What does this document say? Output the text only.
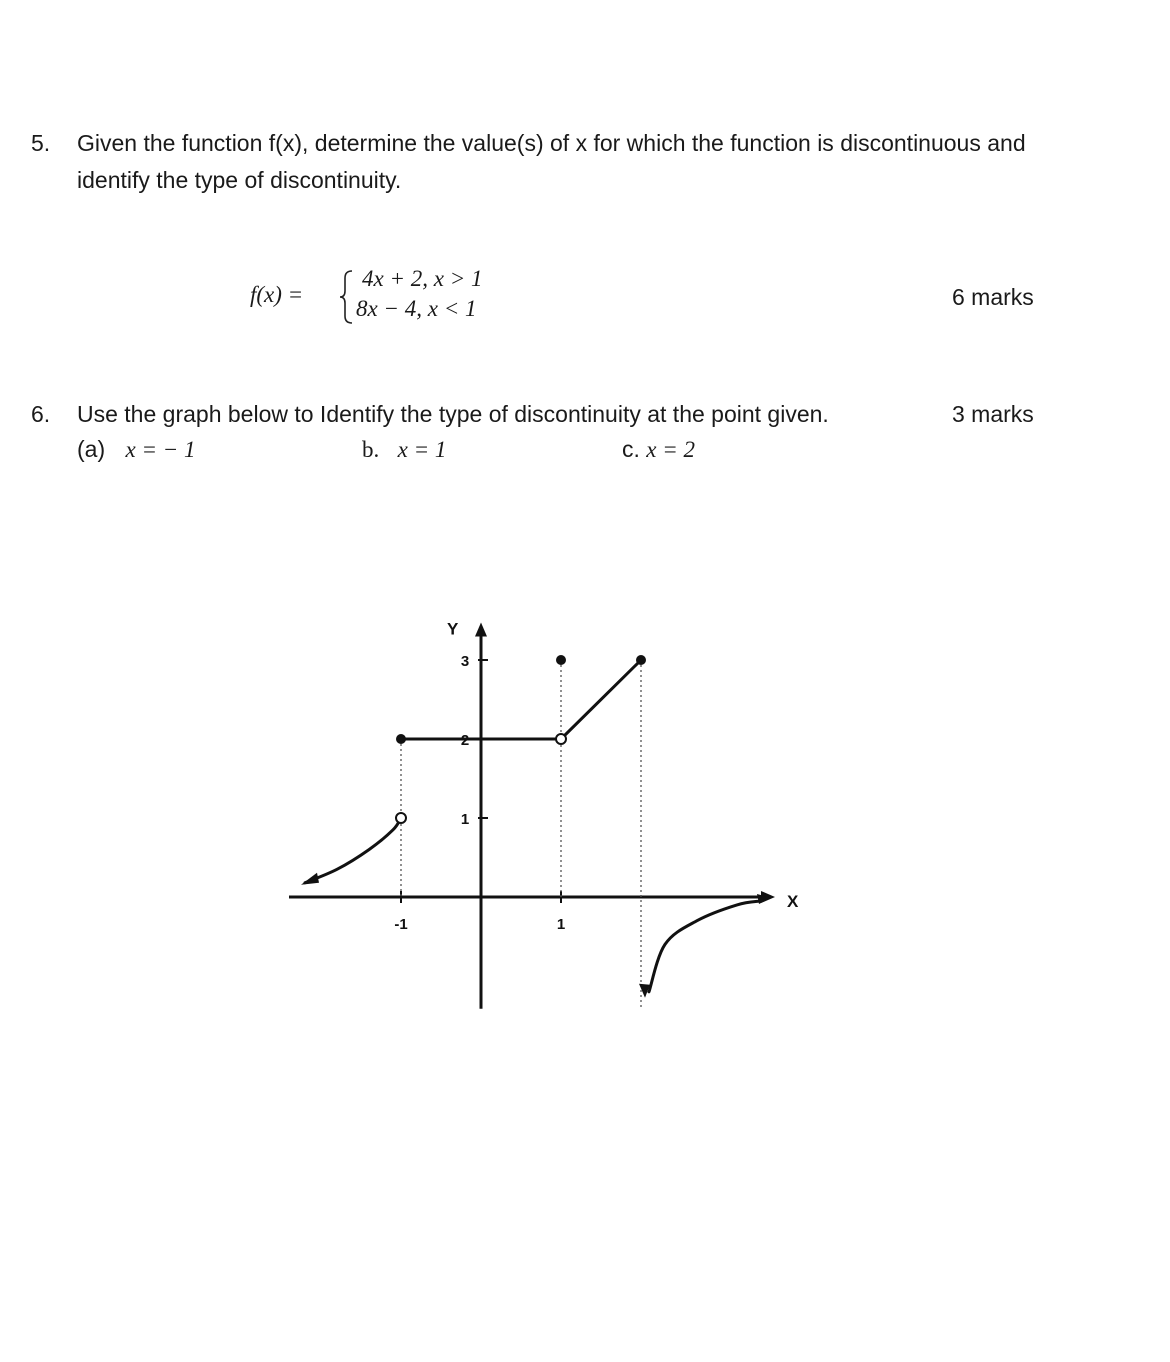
5. Given the function f(x), determine the value(s) of x for which the function is discontinuous and
identify the type of discontinuity.
f(x) =
4x + 2, x > 1
8x − 4, x < 1	6 marks
6. Use the graph below to Identify the type of discontinuity at the point given.	3 marks
(a) x = − 1	b. x = 1	c. x = 2
Y
X
-1	1
1
2
3
